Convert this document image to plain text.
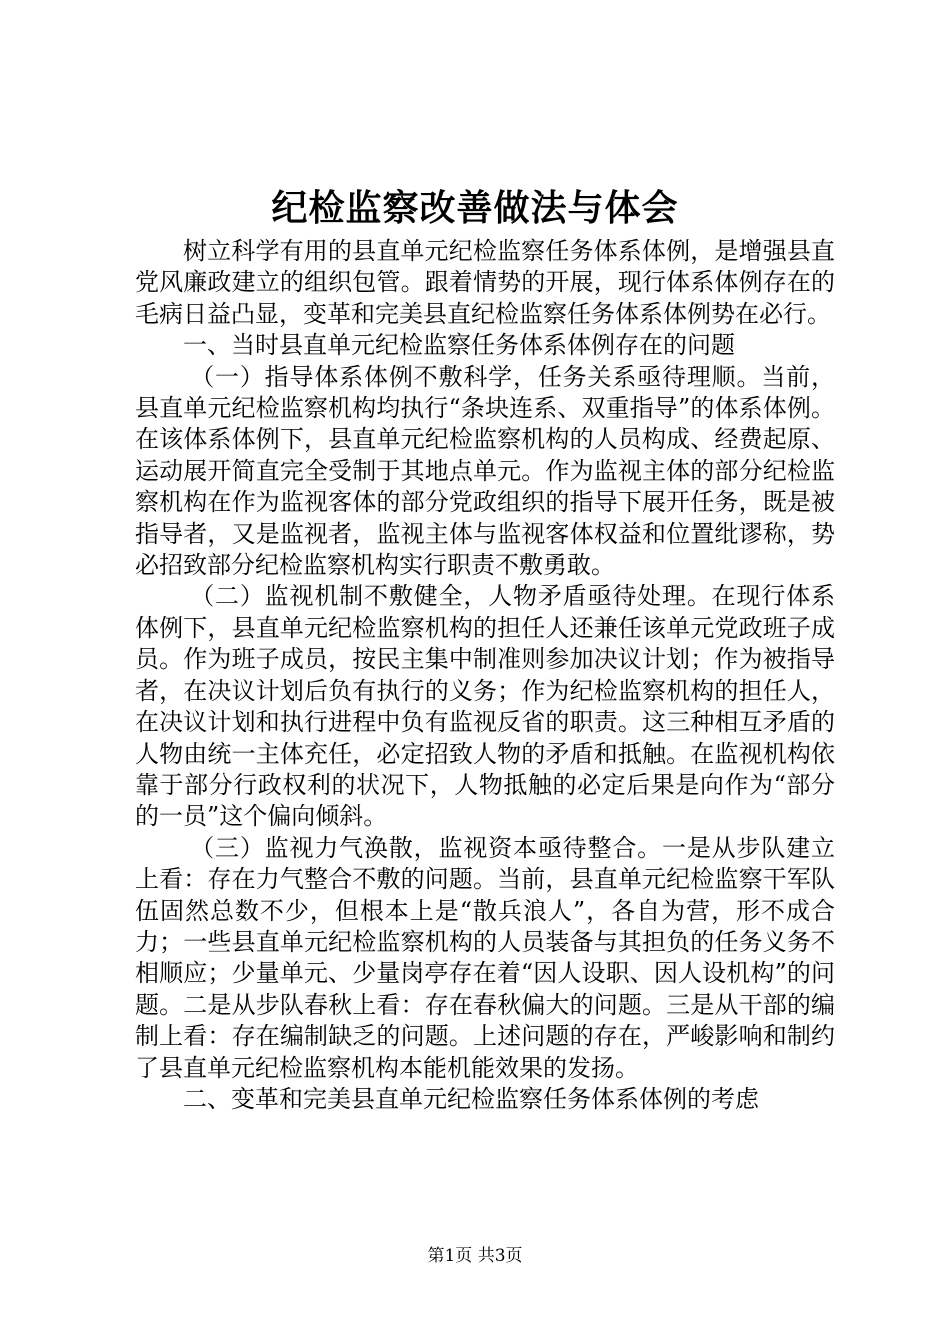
纪检监察改善做法与体会

树立科学有用的县直单元纪检监察任务体系体例，是增强县直党风廉政建立的组织包管。跟着情势的开展，现行体系体例存在的毛病日益凸显，变革和完美县直纪检监察任务体系体例势在必行。

一、当时县直单元纪检监察任务体系体例存在的问题

（一）指导体系体例不敷科学，任务关系亟待理顺。当前，县直单元纪检监察机构均执行“条块连系、双重指导”的体系体例。在该体系体例下，县直单元纪检监察机构的人员构成、经费起原、运动展开简直完全受制于其地点单元。作为监视主体的部分纪检监察机构在作为监视客体的部分党政组织的指导下展开任务，既是被指导者，又是监视者，监视主体与监视客体权益和位置纰谬称，势必招致部分纪检监察机构实行职责不敷勇敢。

（二）监视机制不敷健全，人物矛盾亟待处理。在现行体系体例下，县直单元纪检监察机构的担任人还兼任该单元党政班子成员。作为班子成员，按民主集中制准则参加决议计划；作为被指导者，在决议计划后负有执行的义务；作为纪检监察机构的担任人，在决议计划和执行进程中负有监视反省的职责。这三种相互矛盾的人物由统一主体充任，必定招致人物的矛盾和抵触。在监视机构依靠于部分行政权利的状况下，人物抵触的必定后果是向作为“部分的一员”这个偏向倾斜。

（三）监视力气涣散，监视资本亟待整合。一是从步队建立上看：存在力气整合不敷的问题。当前，县直单元纪检监察干军队伍固然总数不少，但根本上是“散兵浪人”，各自为营，形不成合力；一些县直单元纪检监察机构的人员装备与其担负的任务义务不相顺应；少量单元、少量岗亭存在着“因人设职、因人设机构”的问题。二是从步队春秋上看：存在春秋偏大的问题。三是从干部的编制上看：存在编制缺乏的问题。上述问题的存在，严峻影响和制约了县直单元纪检监察机构本能机能效果的发扬。

二、变革和完美县直单元纪检监察任务体系体例的考虑

第1页 共3页
